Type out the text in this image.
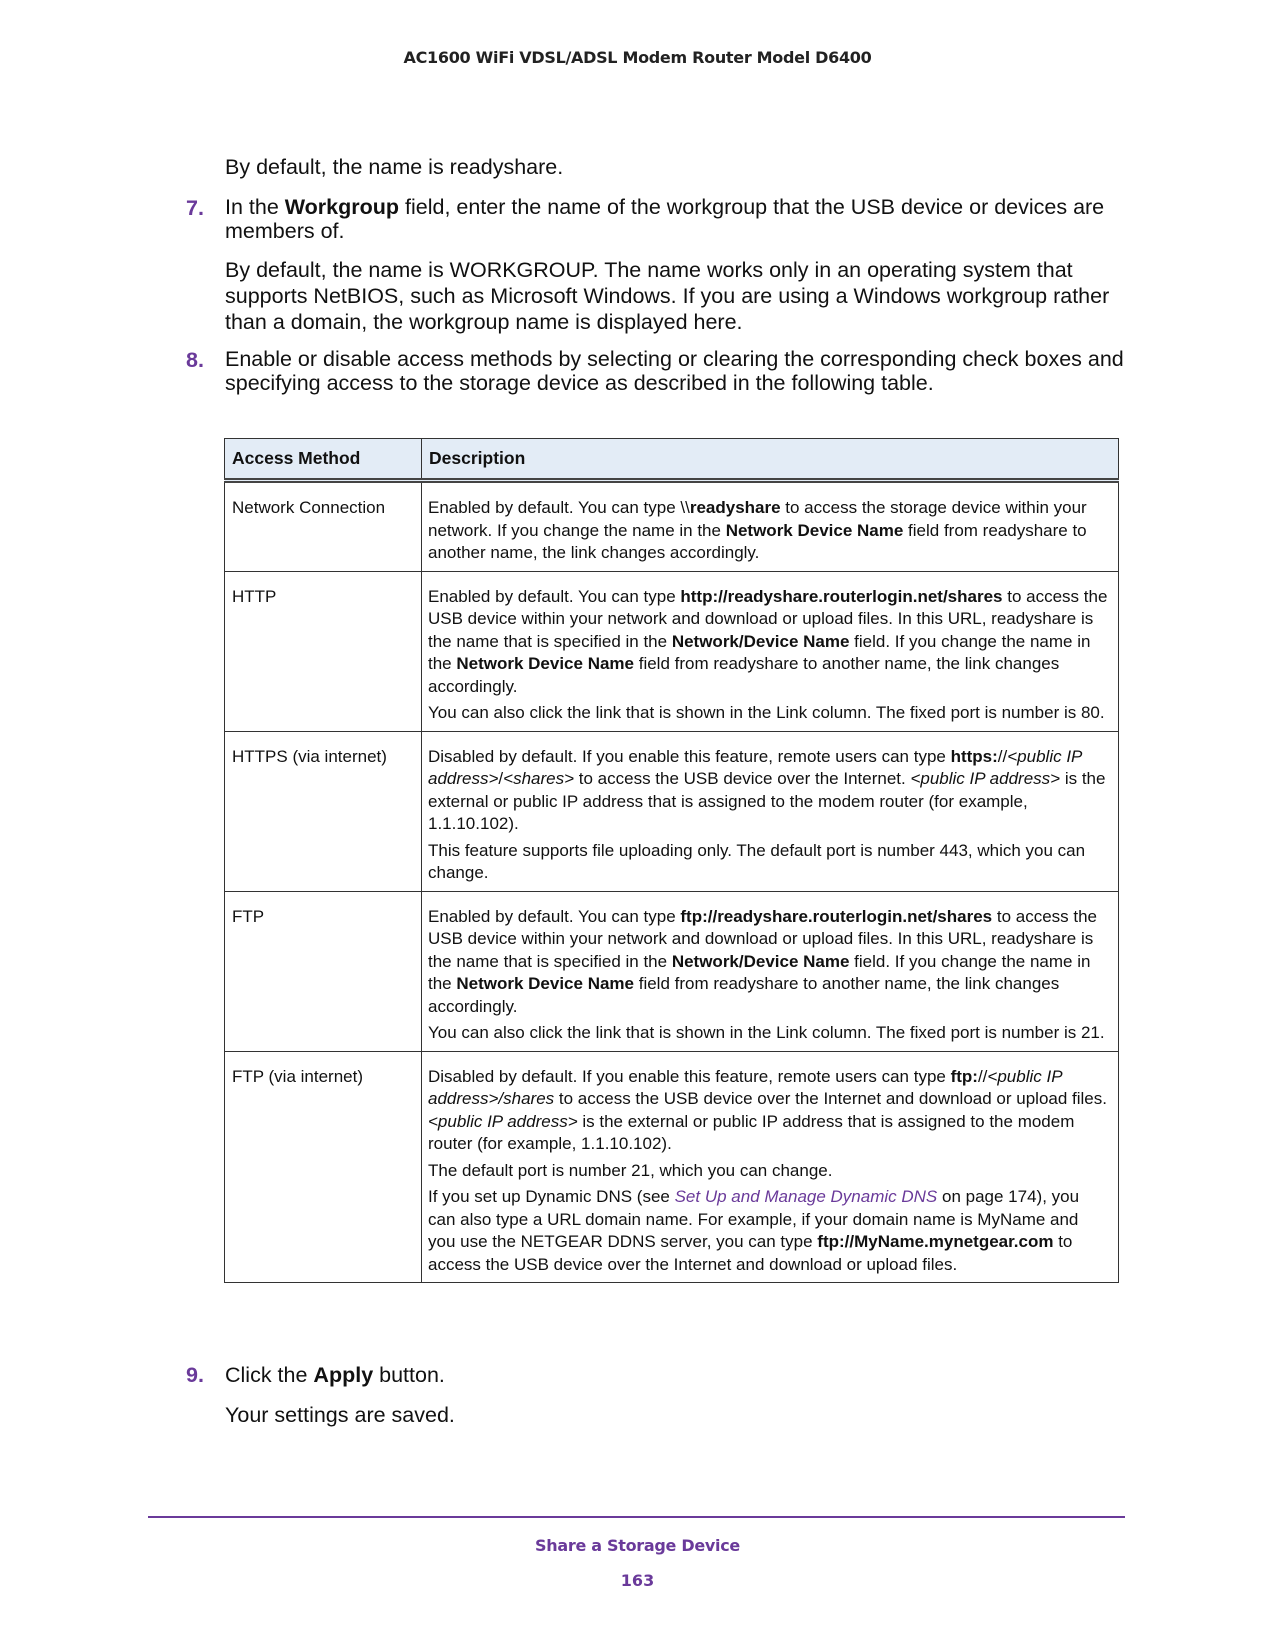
AC1600 WiFi VDSL/ADSL Modem Router Model D6400
By default, the name is readyshare.
7. In the Workgroup field, enter the name of the workgroup that the USB device or devices are members of.
By default, the name is WORKGROUP. The name works only in an operating system that supports NetBIOS, such as Microsoft Windows. If you are using a Windows workgroup rather than a domain, the workgroup name is displayed here.
8. Enable or disable access methods by selecting or clearing the corresponding check boxes and specifying access to the storage device as described in the following table.
Access Method	Description
Network Connection	Enabled by default. You can type \\readyshare to access the storage device within your network. If you change the name in the Network Device Name field from readyshare to another name, the link changes accordingly.

HTTP	Enabled by default. You can type http://readyshare.routerlogin.net/shares to access the USB device within your network and download or upload files. In this URL, readyshare is the name that is specified in the Network/Device Name field. If you change the name in the Network Device Name field from readyshare to another name, the link changes accordingly.
You can also click the link that is shown in the Link column. The fixed port is number is 80.

HTTPS (via internet)	Disabled by default. If you enable this feature, remote users can type https://<public IP address>/<shares> to access the USB device over the Internet. <public IP address> is the external or public IP address that is assigned to the modem router (for example, 1.1.10.102).
This feature supports file uploading only. The default port is number 443, which you can change.

FTP	Enabled by default. You can type ftp://readyshare.routerlogin.net/shares to access the USB device within your network and download or upload files. In this URL, readyshare is the name that is specified in the Network/Device Name field. If you change the name in the Network Device Name field from readyshare to another name, the link changes accordingly.
You can also click the link that is shown in the Link column. The fixed port is number is 21.

FTP (via internet)	Disabled by default. If you enable this feature, remote users can type ftp://<public IP address>/shares to access the USB device over the Internet and download or upload files. <public IP address> is the external or public IP address that is assigned to the modem router (for example, 1.1.10.102).
The default port is number 21, which you can change.
If you set up Dynamic DNS (see Set Up and Manage Dynamic DNS on page 174), you can also type a URL domain name. For example, if your domain name is MyName and you use the NETGEAR DDNS server, you can type ftp://MyName.mynetgear.com to access the USB device over the Internet and download or upload files.
9. Click the Apply button.
Your settings are saved.
Share a Storage Device
163
